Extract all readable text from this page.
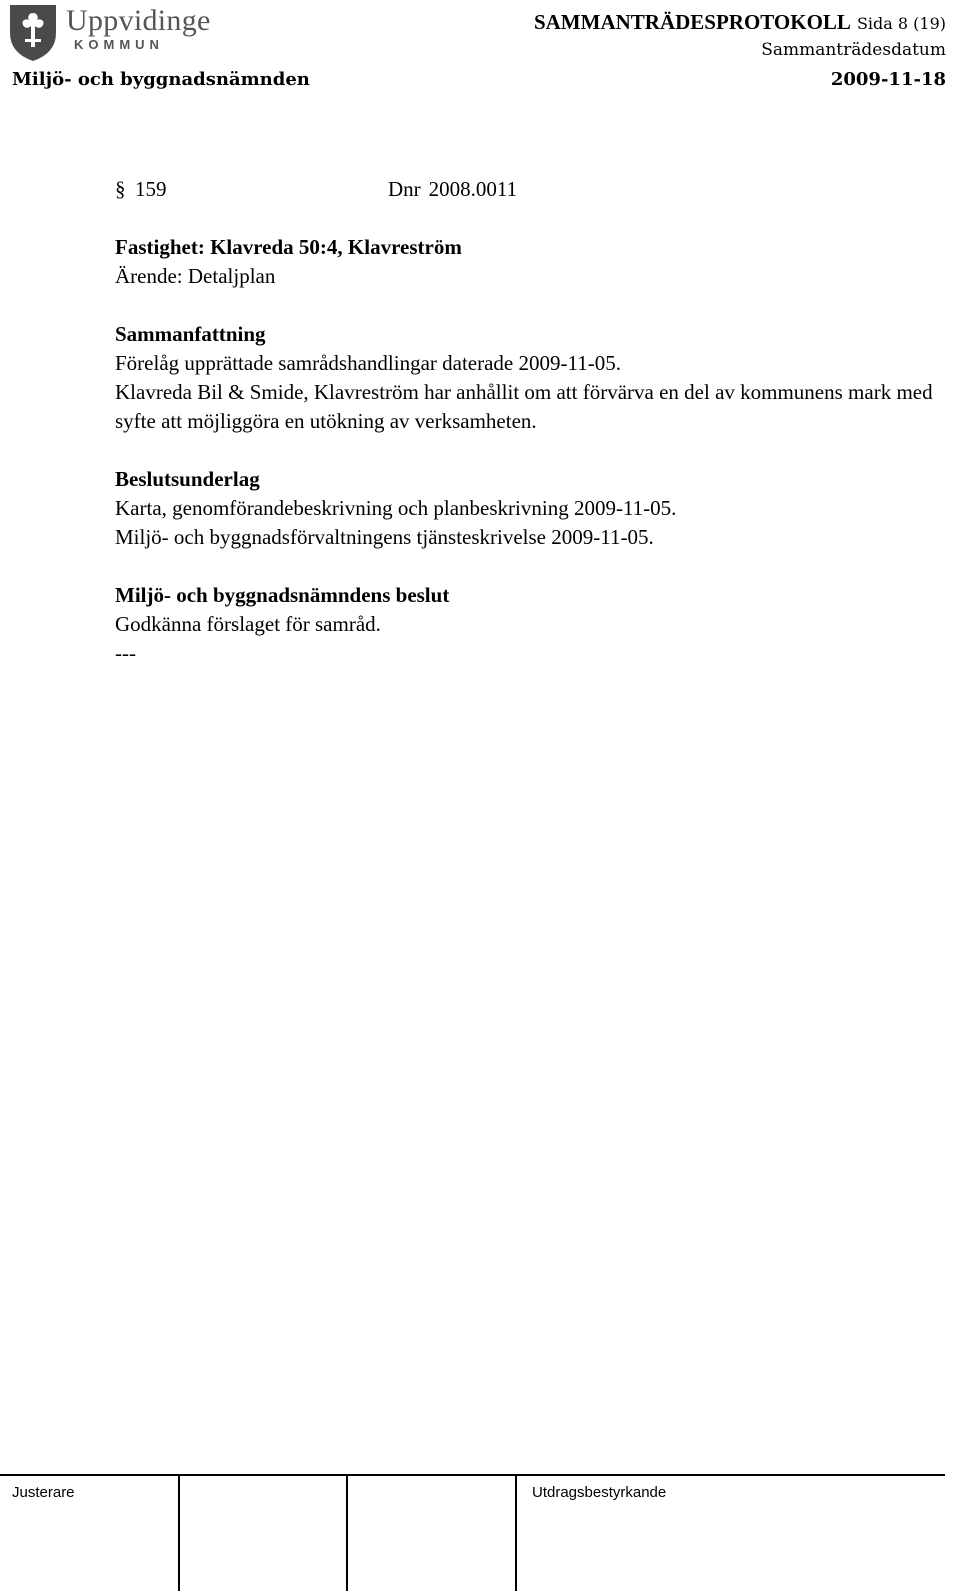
Uppvidinge
KOMMUN
SAMMANTRÄDESPROTOKOLL Sida 8 (19)
Sammanträdesdatum
Miljö- och byggnadsnämnden	2009-11-18
§ 159	Dnr 2008.0011
Fastighet: Klavreda 50:4, Klavreström
Ärende: Detaljplan
Sammanfattning
Förelåg upprättade samrådshandlingar daterade 2009-11-05.
Klavreda Bil & Smide, Klavreström har anhållit om att förvärva en del av kommunens mark med syfte att möjliggöra en utökning av verksamheten.
Beslutsunderlag
Karta, genomförandebeskrivning och planbeskrivning 2009-11-05.
Miljö- och byggnadsförvaltningens tjänsteskrivelse 2009-11-05.
Miljö- och byggnadsnämndens beslut
Godkänna förslaget för samråd.
---
Justerare	Utdragsbestyrkande
